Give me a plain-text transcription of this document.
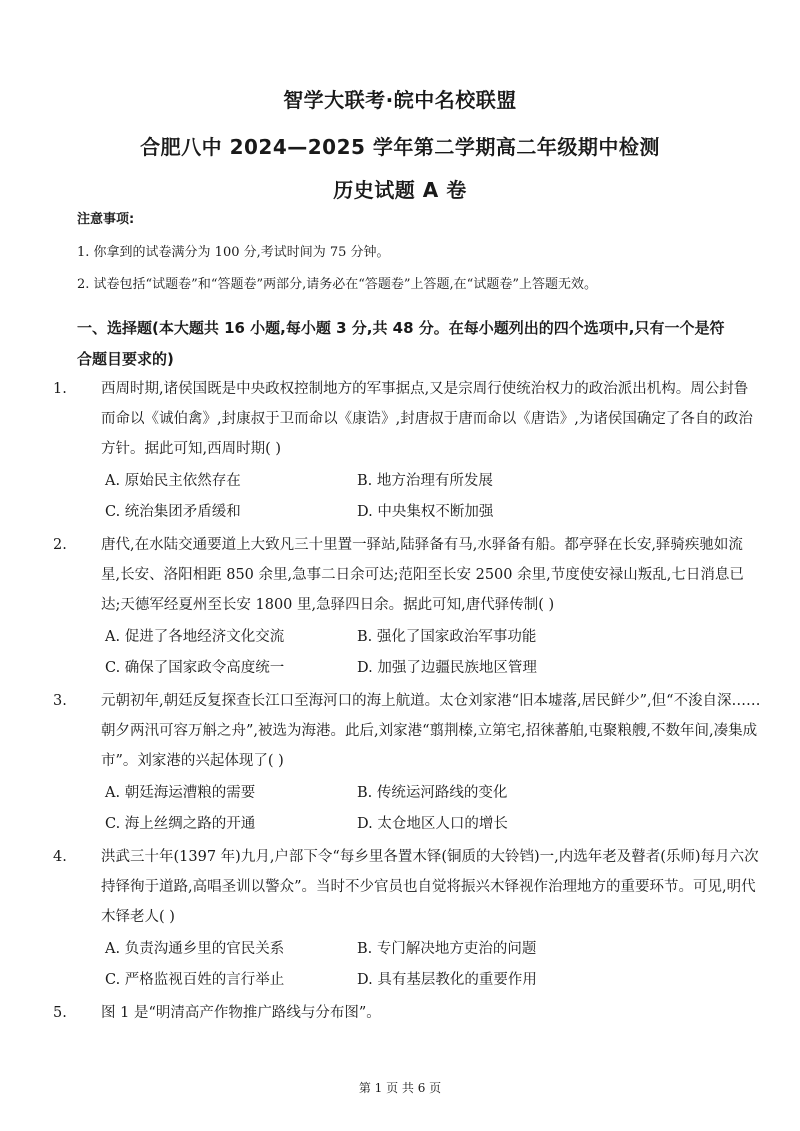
智学大联考·皖中名校联盟
合肥八中 2024—2025 学年第二学期高二年级期中检测
历史试题 A 卷
注意事项:
1. 你拿到的试卷满分为 100 分,考试时间为 75 分钟。
2. 试卷包括“试题卷”和“答题卷”两部分,请务必在“答题卷”上答题,在“试题卷”上答题无效。
一、选择题(本大题共 16 小题,每小题 3 分,共 48 分。在每小题列出的四个选项中,只有一个是符合题目要求的)
1. 西周时期,诸侯国既是中央政权控制地方的军事据点,又是宗周行使统治权力的政治派出机构。周公封鲁而命以《诚伯禽》,封康叔于卫而命以《康诰》,封唐叔于唐而命以《唐诰》,为诸侯国确定了各自的政治方针。据此可知,西周时期( )
A. 原始民主依然存在	B. 地方治理有所发展
C. 统治集团矛盾缓和	D. 中央集权不断加强
2. 唐代,在水陆交通要道上大致凡三十里置一驿站,陆驿备有马,水驿备有船。都亭驿在长安,驿骑疾驰如流星,长安、洛阳相距 850 余里,急事二日余可达;范阳至长安 2500 余里,节度使安禄山叛乱,七日消息已达;天德军经夏州至长安 1800 里,急驿四日余。据此可知,唐代驿传制( )
A. 促进了各地经济文化交流	B. 强化了国家政治军事功能
C. 确保了国家政令高度统一	D. 加强了边疆民族地区管理
3. 元朝初年,朝廷反复探查长江口至海河口的海上航道。太仓刘家港“旧本墟落,居民鲜少”,但“不浚自深……朝夕两汛可容万斛之舟”,被选为海港。此后,刘家港“翦荆榛,立第宅,招徕蕃舶,屯聚粮艘,不数年间,凑集成市”。刘家港的兴起体现了( )
A. 朝廷海运漕粮的需要	B. 传统运河路线的变化
C. 海上丝绸之路的开通	D. 太仓地区人口的增长
4. 洪武三十年(1397 年)九月,户部下令“每乡里各置木铎(铜质的大铃铛)一,内选年老及瞽者(乐师)每月六次持铎徇于道路,高唱圣训以警众”。当时不少官员也自觉将振兴木铎视作治理地方的重要环节。可见,明代木铎老人( )
A. 负责沟通乡里的官民关系	B. 专门解决地方吏治的问题
C. 严格监视百姓的言行举止	D. 具有基层教化的重要作用
5. 图 1 是“明清高产作物推广路线与分布图”。
第 1 页 共 6 页
